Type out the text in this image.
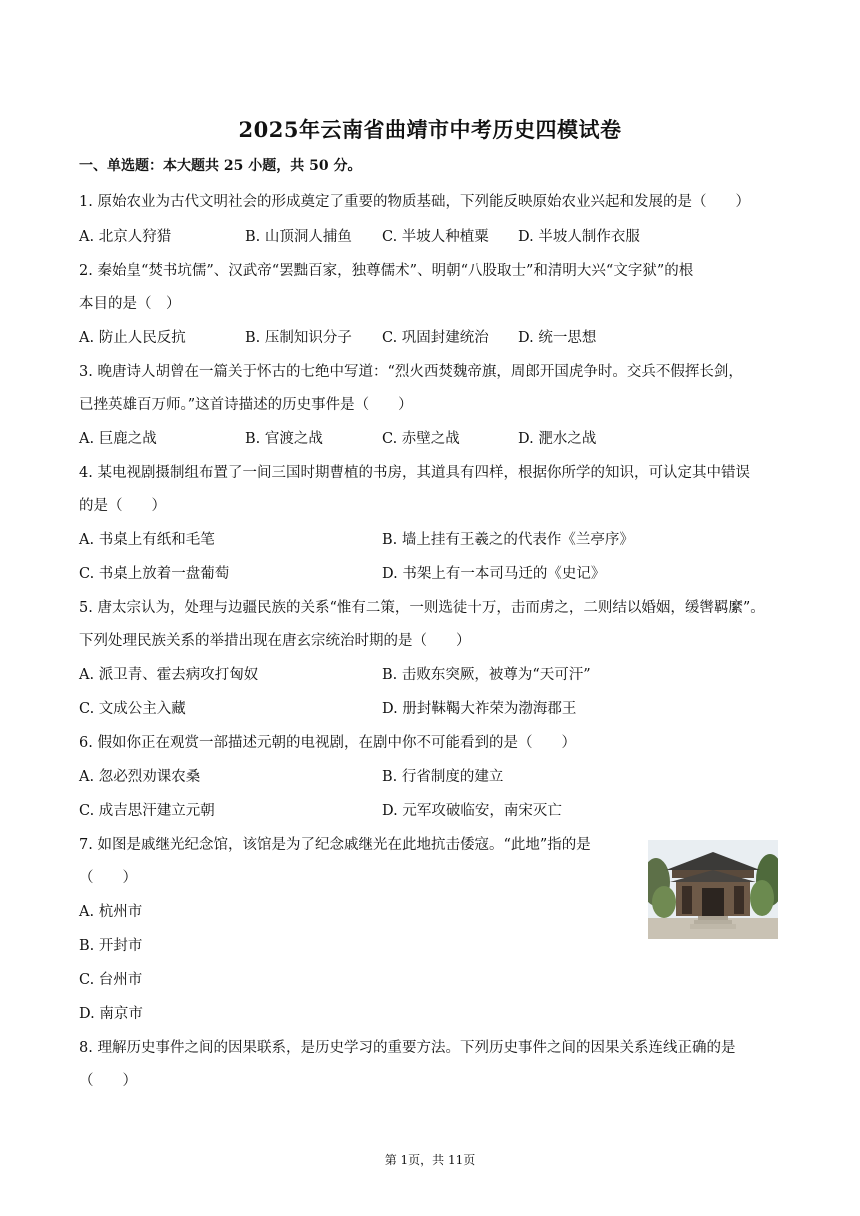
2025年云南省曲靖市中考历史四模试卷
一、单选题：本大题共 25 小题，共 50 分。
1. 原始农业为古代文明社会的形成奠定了重要的物质基础，下列能反映原始农业兴起和发展的是（　　）
A. 北京人狩猎	B. 山顶洞人捕鱼 C. 半坡人种植粟 D. 半坡人制作衣服
2. 秦始皇“焚书坑儒”、汉武帝“罢黜百家，独尊儒术”、明朝“八股取士”和清明大兴“文字狱”的根
本目的是（　）
A. 防止人民反抗	B. 压制知识分子 C. 巩固封建统治 D. 统一思想
3. 晚唐诗人胡曾在一篇关于怀古的七绝中写道：“烈火西焚魏帝旗，周郎开国虎争时。交兵不假挥长剑，
已挫英雄百万师。”这首诗描述的历史事件是（　　）
A. 巨鹿之战	B. 官渡之战	C. 赤壁之战	D. 淝水之战
4. 某电视剧摄制组布置了一间三国时期曹植的书房，其道具有四样，根据你所学的知识，可认定其中错误
的是（　　）
A. 书桌上有纸和毛笔	B. 墙上挂有王羲之的代表作《兰亭序》
C. 书桌上放着一盘葡萄	D. 书架上有一本司马迁的《史记》
5. 唐太宗认为，处理与边疆民族的关系“惟有二策，一则选徒十万，击而虏之，二则结以婚姻，缓辔羁縻”。
下列处理民族关系的举措出现在唐玄宗统治时期的是（　　）
A. 派卫青、霍去病攻打匈奴	B. 击败东突厥，被尊为“天可汗”
C. 文成公主入藏	D. 册封靺鞨大祚荣为渤海郡王
6. 假如你正在观赏一部描述元朝的电视剧，在剧中你不可能看到的是（　　）
A. 忽必烈劝课农桑	B. 行省制度的建立
C. 成吉思汗建立元朝	D. 元军攻破临安，南宋灭亡
7. 如图是戚继光纪念馆，该馆是为了纪念戚继光在此地抗击倭寇。“此地”指的是
（　　）
A. 杭州市
B. 开封市
C. 台州市
D. 南京市
8. 理解历史事件之间的因果联系，是历史学习的重要方法。下列历史事件之间的因果关系连线正确的是
（　　）
第 1页，共 11页
